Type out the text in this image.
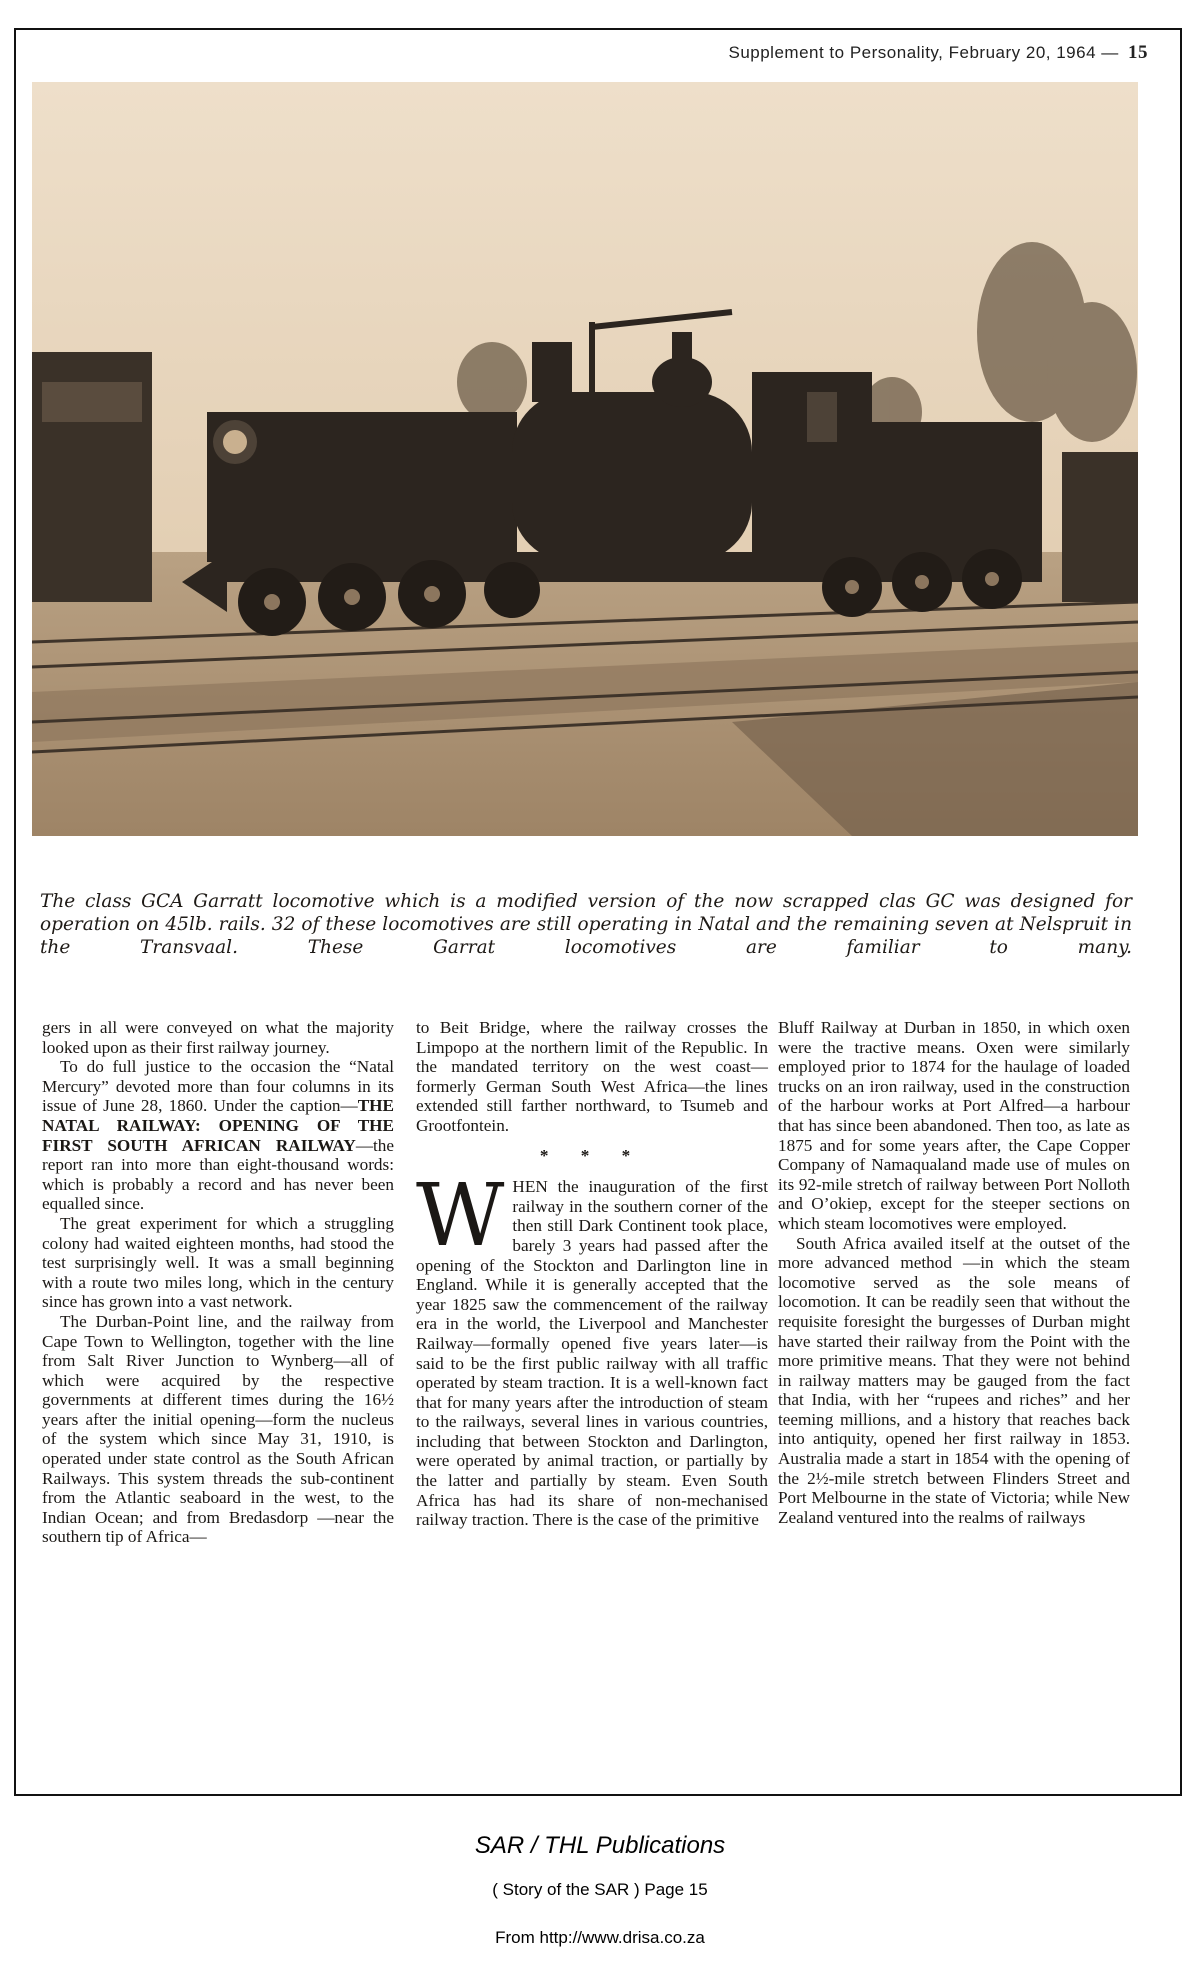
Supplement to Personality, February 20, 1964 — 15
The class GCA Garratt locomotive which is a modified version of the now scrapped clas GC was designed for operation on 45lb. rails. 32 of these locomotives are still operating in Natal and the remaining seven at Nelspruit in the Transvaal. These Garrat locomotives are familiar to many.

gers in all were conveyed on what the majority looked upon as their first railway journey.

To do full justice to the occasion the “Natal Mercury” devoted more than four columns in its issue of June 28, 1860. Under the caption—THE NATAL RAILWAY: OPENING OF THE FIRST SOUTH AFRICAN RAILWAY—the report ran into more than eight-thousand words: which is probably a record and has never been equalled since.

The great experiment for which a struggling colony had waited eighteen months, had stood the test surprisingly well. It was a small beginning with a route two miles long, which in the century since has grown into a vast network.

The Durban-Point line, and the railway from Cape Town to Wellington, together with the line from Salt River Junction to Wynberg—all of which were acquired by the respective governments at different times during the 16½ years after the initial opening—form the nucleus of the system which since May 31, 1910, is operated under state control as the South African Railways. This system threads the sub-continent from the Atlantic seaboard in the west, to the Indian Ocean; and from Bredasdorp —near the southern tip of Africa—

to Beit Bridge, where the railway crosses the Limpopo at the northern limit of the Republic. In the mandated territory on the west coast—formerly German South West Africa—the lines extended still farther northward, to Tsumeb and Grootfontein.

* * *

WHEN the inauguration of the first railway in the southern corner of the then still Dark Continent took place, barely 3 years had passed after the opening of the Stockton and Darlington line in England. While it is generally accepted that the year 1825 saw the commencement of the railway era in the world, the Liverpool and Manchester Railway—formally opened five years later—is said to be the first public railway with all traffic operated by steam traction. It is a well-known fact that for many years after the introduction of steam to the railways, several lines in various countries, including that between Stockton and Darlington, were operated by animal traction, or partially by the latter and partially by steam. Even South Africa has had its share of non-mechanised railway traction. There is the case of the primitive

Bluff Railway at Durban in 1850, in which oxen were the tractive means. Oxen were similarly employed prior to 1874 for the haulage of loaded trucks on an iron railway, used in the construction of the harbour works at Port Alfred—a harbour that has since been abandoned. Then too, as late as 1875 and for some years after, the Cape Copper Company of Namaqualand made use of mules on its 92-mile stretch of railway between Port Nolloth and O’okiep, except for the steeper sections on which steam locomotives were employed.

South Africa availed itself at the outset of the more advanced method —in which the steam locomotive served as the sole means of locomotion. It can be readily seen that without the requisite foresight the burgesses of Durban might have started their railway from the Point with the more primitive means. That they were not behind in railway matters may be gauged from the fact that India, with her “rupees and riches” and her teeming millions, and a history that reaches back into antiquity, opened her first railway in 1853. Australia made a start in 1854 with the opening of the 2½-mile stretch between Flinders Street and Port Melbourne in the state of Victoria; while New Zealand ventured into the realms of railways

SAR / THL Publications
( Story of the SAR ) Page 15
From http://www.drisa.co.za
